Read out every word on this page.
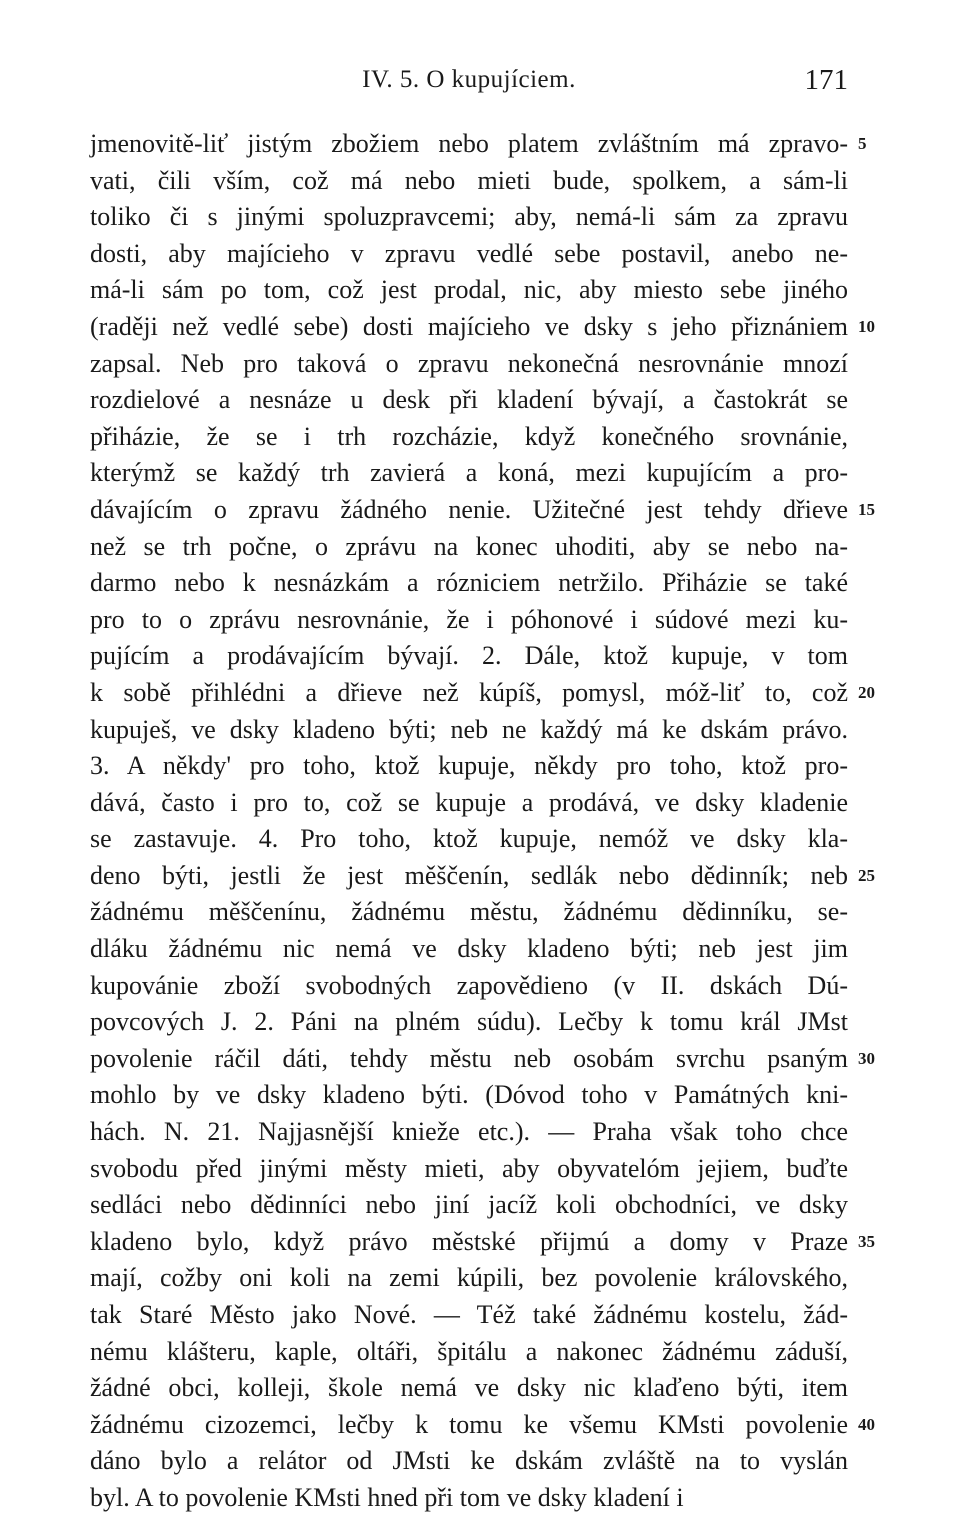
IV. 5. O kupujíciem.	171
jmenovitě-liť jistým zbožiem nebo platem zvláštním má zpravo- 5
vati, čili vším, což má nebo mieti bude, spolkem, a sám-li
toliko či s jinými spoluzpravcemi; aby, nemá-li sám za zpravu
dosti, aby majícieho v zpravu vedlé sebe postavil, anebo ne-
má-li sám po tom, což jest prodal, nic, aby miesto sebe jiného
(raději než vedlé sebe) dosti majícieho ve dsky s jeho přiznániem 10
zapsal. Neb pro taková o zpravu nekonečná nesrovnánie mnozí
rozdielové a nesnáze u desk při kladení bývají, a častokrát se
přiházie, že se i trh rozcházie, když konečného srovnánie,
kterýmž se každý trh zavierá a koná, mezi kupujícím a pro-
dávajícím o zpravu žádného nenie. Užitečné jest tehdy dřieve 15
než se trh počne, o zprávu na konec uhoditi, aby se nebo na-
darmo nebo k nesnázkám a rózniciem netržilo. Přiházie se také
pro to o zprávu nesrovnánie, že i póhonové i súdové mezi ku-
pujícím a prodávajícím bývají. 2. Dále, ktož kupuje, v tom
k sobě přihlédni a dřieve než kúpíš, pomysl, móž-liť to, což 20
kupuješ, ve dsky kladeno býti; neb ne každý má ke dskám právo.
3. A někdy' pro toho, ktož kupuje, někdy pro toho, ktož pro-
dává, často i pro to, což se kupuje a prodává, ve dsky kladenie
se zastavuje. 4. Pro toho, ktož kupuje, nemóž ve dsky kla-
deno býti, jestli že jest měščenín, sedlák nebo dědinník; neb 25
žádnému měščenínu, žádnému městu, žádnému dědinníku, se-
dláku žádnému nic nemá ve dsky kladeno býti; neb jest jim
kupovánie zboží svobodných zapovědieno (v II. dskách Dú-
povcových J. 2. Páni na plném súdu). Lečby k tomu král JMst
povolenie ráčil dáti, tehdy městu neb osobám svrchu psaným 30
mohlo by ve dsky kladeno býti. (Dóvod toho v Památných kni-
hách. N. 21. Najjasnější knieže etc.). — Praha však toho chce
svobodu před jinými městy mieti, aby obyvatelóm jejiem, buďte
sedláci nebo dědinníci nebo jiní jacíž koli obchodníci, ve dsky
kladeno bylo, když právo městské přijmú a domy v Praze 35
mají, cožby oni koli na zemi kúpili, bez povolenie královského,
tak Staré Město jako Nové. — Též také žádnému kostelu, žád-
nému klášteru, kaple, oltáři, špitálu a nakonec žádnému záduší,
žádné obci, kolleji, škole nemá ve dsky nic klaďeno býti, item
žádnému cizozemci, lečby k tomu ke všemu KMsti povolenie 40
dáno bylo a relátor od JMsti ke dskám zvláště na to vyslán
byl. A to povolenie KMsti hned při tom ve dsky kladení i
